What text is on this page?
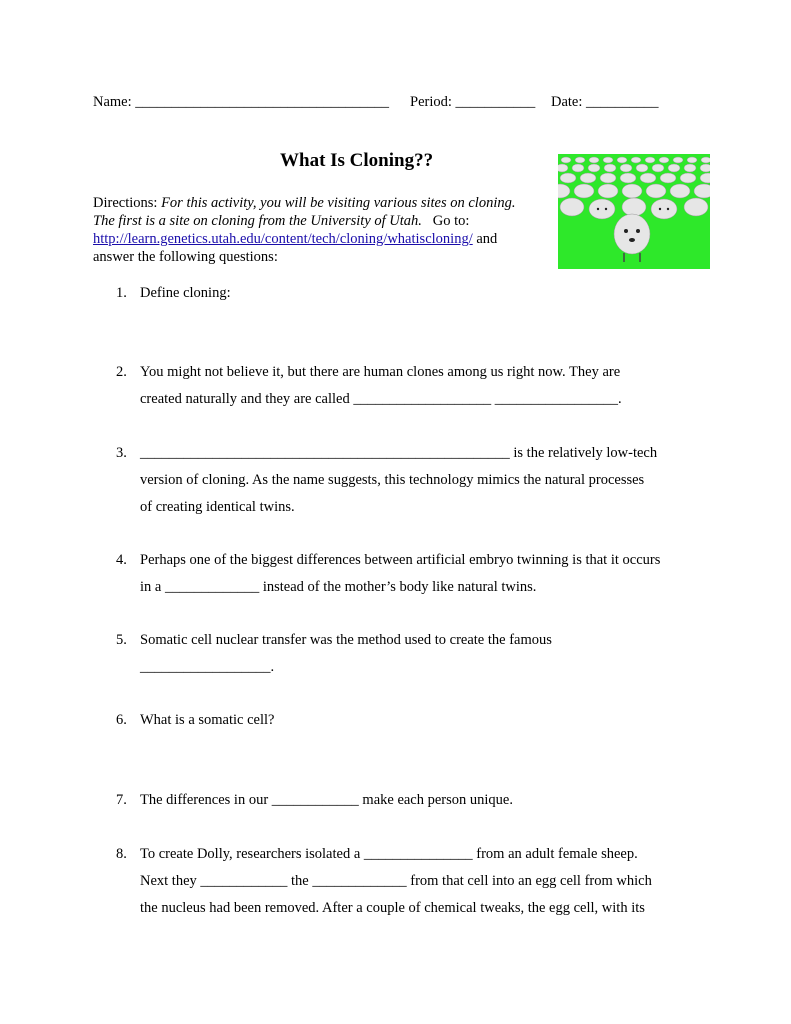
Name: ___________________________________ Period: ___________ Date: __________
What Is Cloning??
Directions: For this activity, you will be visiting various sites on cloning.
The first is a site on cloning from the University of Utah. Go to:
http://learn.genetics.utah.edu/content/tech/cloning/whatiscloning/ and
answer the following questions:
1. Define cloning:
2. You might not believe it, but there are human clones among us right now. They are
created naturally and they are called ___________________ _________________.
3. ___________________________________________________ is the relatively low-tech
version of cloning. As the name suggests, this technology mimics the natural processes
of creating identical twins.
4. Perhaps one of the biggest differences between artificial embryo twinning is that it occurs
in a _____________ instead of the mother’s body like natural twins.
5. Somatic cell nuclear transfer was the method used to create the famous
__________________.
6. What is a somatic cell?
7. The differences in our ____________ make each person unique.
8. To create Dolly, researchers isolated a _______________ from an adult female sheep.
Next they ____________ the _____________ from that cell into an egg cell from which
the nucleus had been removed. After a couple of chemical tweaks, the egg cell, with its
